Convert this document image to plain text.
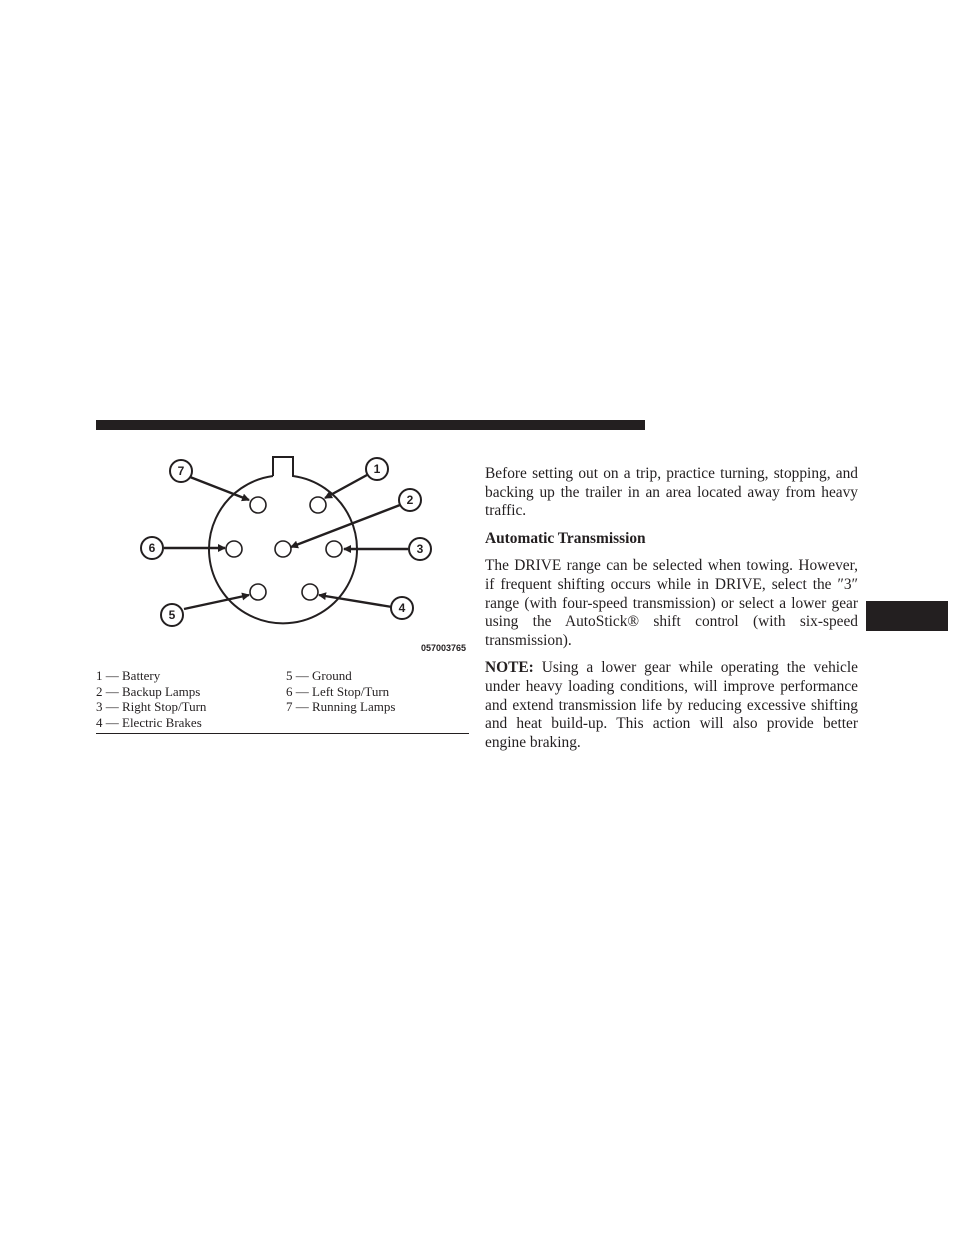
7	1
2
6	3
5	4
057003765
1 — Battery
2 — Backup Lamps
3 — Right Stop/Turn
4 — Electric Brakes
5 — Ground
6 — Left Stop/Turn
7 — Running Lamps

Before setting out on a trip, practice turning, stopping, and backing up the trailer in an area located away from heavy traffic.

Automatic Transmission

The DRIVE range can be selected when towing. However, if frequent shifting occurs while in DRIVE, select the ″3″ range (with four-speed transmission) or select a lower gear using the AutoStick® shift control (with six-speed transmission).

NOTE: Using a lower gear while operating the vehicle under heavy loading conditions, will improve performance and extend transmission life by reducing excessive shifting and heat build-up. This action will also provide better engine braking.
